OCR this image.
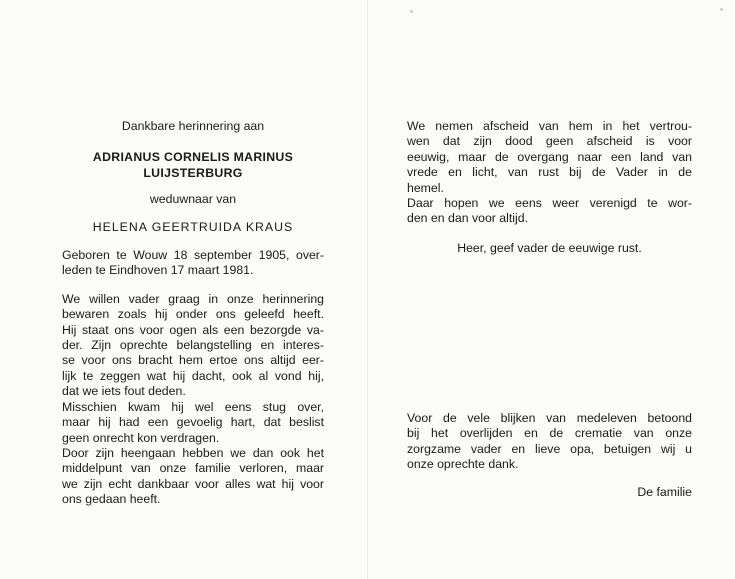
Dankbare herinnering aan
ADRIANUS CORNELIS MARINUS
LUIJSTERBURG
weduwnaar van
HELENA GEERTRUIDA KRAUS
Geboren te Wouw 18 september 1905, over-
leden te Eindhoven 17 maart 1981.
We willen vader graag in onze herinnering
bewaren zoals hij onder ons geleefd heeft.
Hij staat ons voor ogen als een bezorgde va-
der. Zijn oprechte belangstelling en interes-
se voor ons bracht hem ertoe ons altijd eer-
lijk te zeggen wat hij dacht, ook al vond hij,
dat we iets fout deden.
Misschien kwam hij wel eens stug over,
maar hij had een gevoelig hart, dat beslist
geen onrecht kon verdragen.
Door zijn heengaan hebben we dan ook het
middelpunt van onze familie verloren, maar
we zijn echt dankbaar voor alles wat hij voor
ons gedaan heeft.
We nemen afscheid van hem in het vertrou-
wen dat zijn dood geen afscheid is voor
eeuwig, maar de overgang naar een land van
vrede en licht, van rust bij de Vader in de
hemel.
Daar hopen we eens weer verenigd te wor-
den en dan voor altijd.
Heer, geef vader de eeuwige rust.
Voor de vele blijken van medeleven betoond
bij het overlijden en de crematie van onze
zorgzame vader en lieve opa, betuigen wij u
onze oprechte dank.
De familie
